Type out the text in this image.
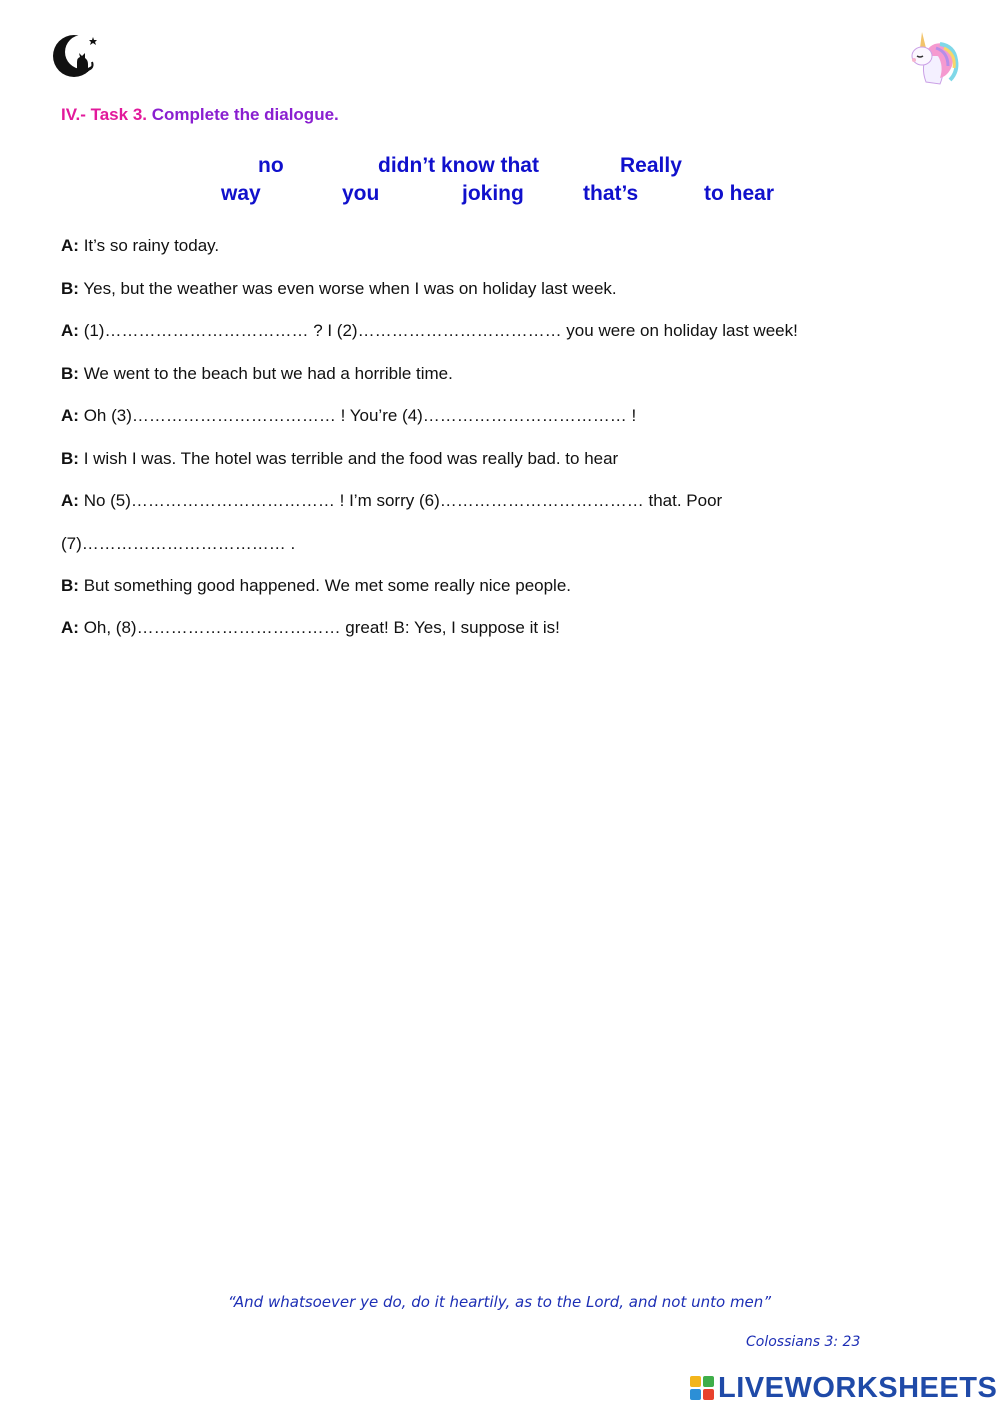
IV.- Task 3. Complete the dialogue.
no	didn’t know that	Really
way	you	joking	that’s	to hear
A: It’s so rainy today.
B: Yes, but the weather was even worse when I was on holiday last week.
A: (1)……………………………… ? I (2)……………………………… you were on holiday last week!
B: We went to the beach but we had a horrible time.
A: Oh (3)……………………………… ! You’re (4)……………………………… !
B: I wish I was. The hotel was terrible and the food was really bad. to hear
A: No (5)……………………………… ! I’m sorry (6)……………………………… that. Poor
(7)……………………………… .
B: But something good happened. We met some really nice people.
A: Oh, (8)……………………………… great! B: Yes, I suppose it is!
“And whatsoever ye do, do it heartily, as to the Lord, and not unto men”
Colossians 3: 23
LIVEWORKSHEETS
